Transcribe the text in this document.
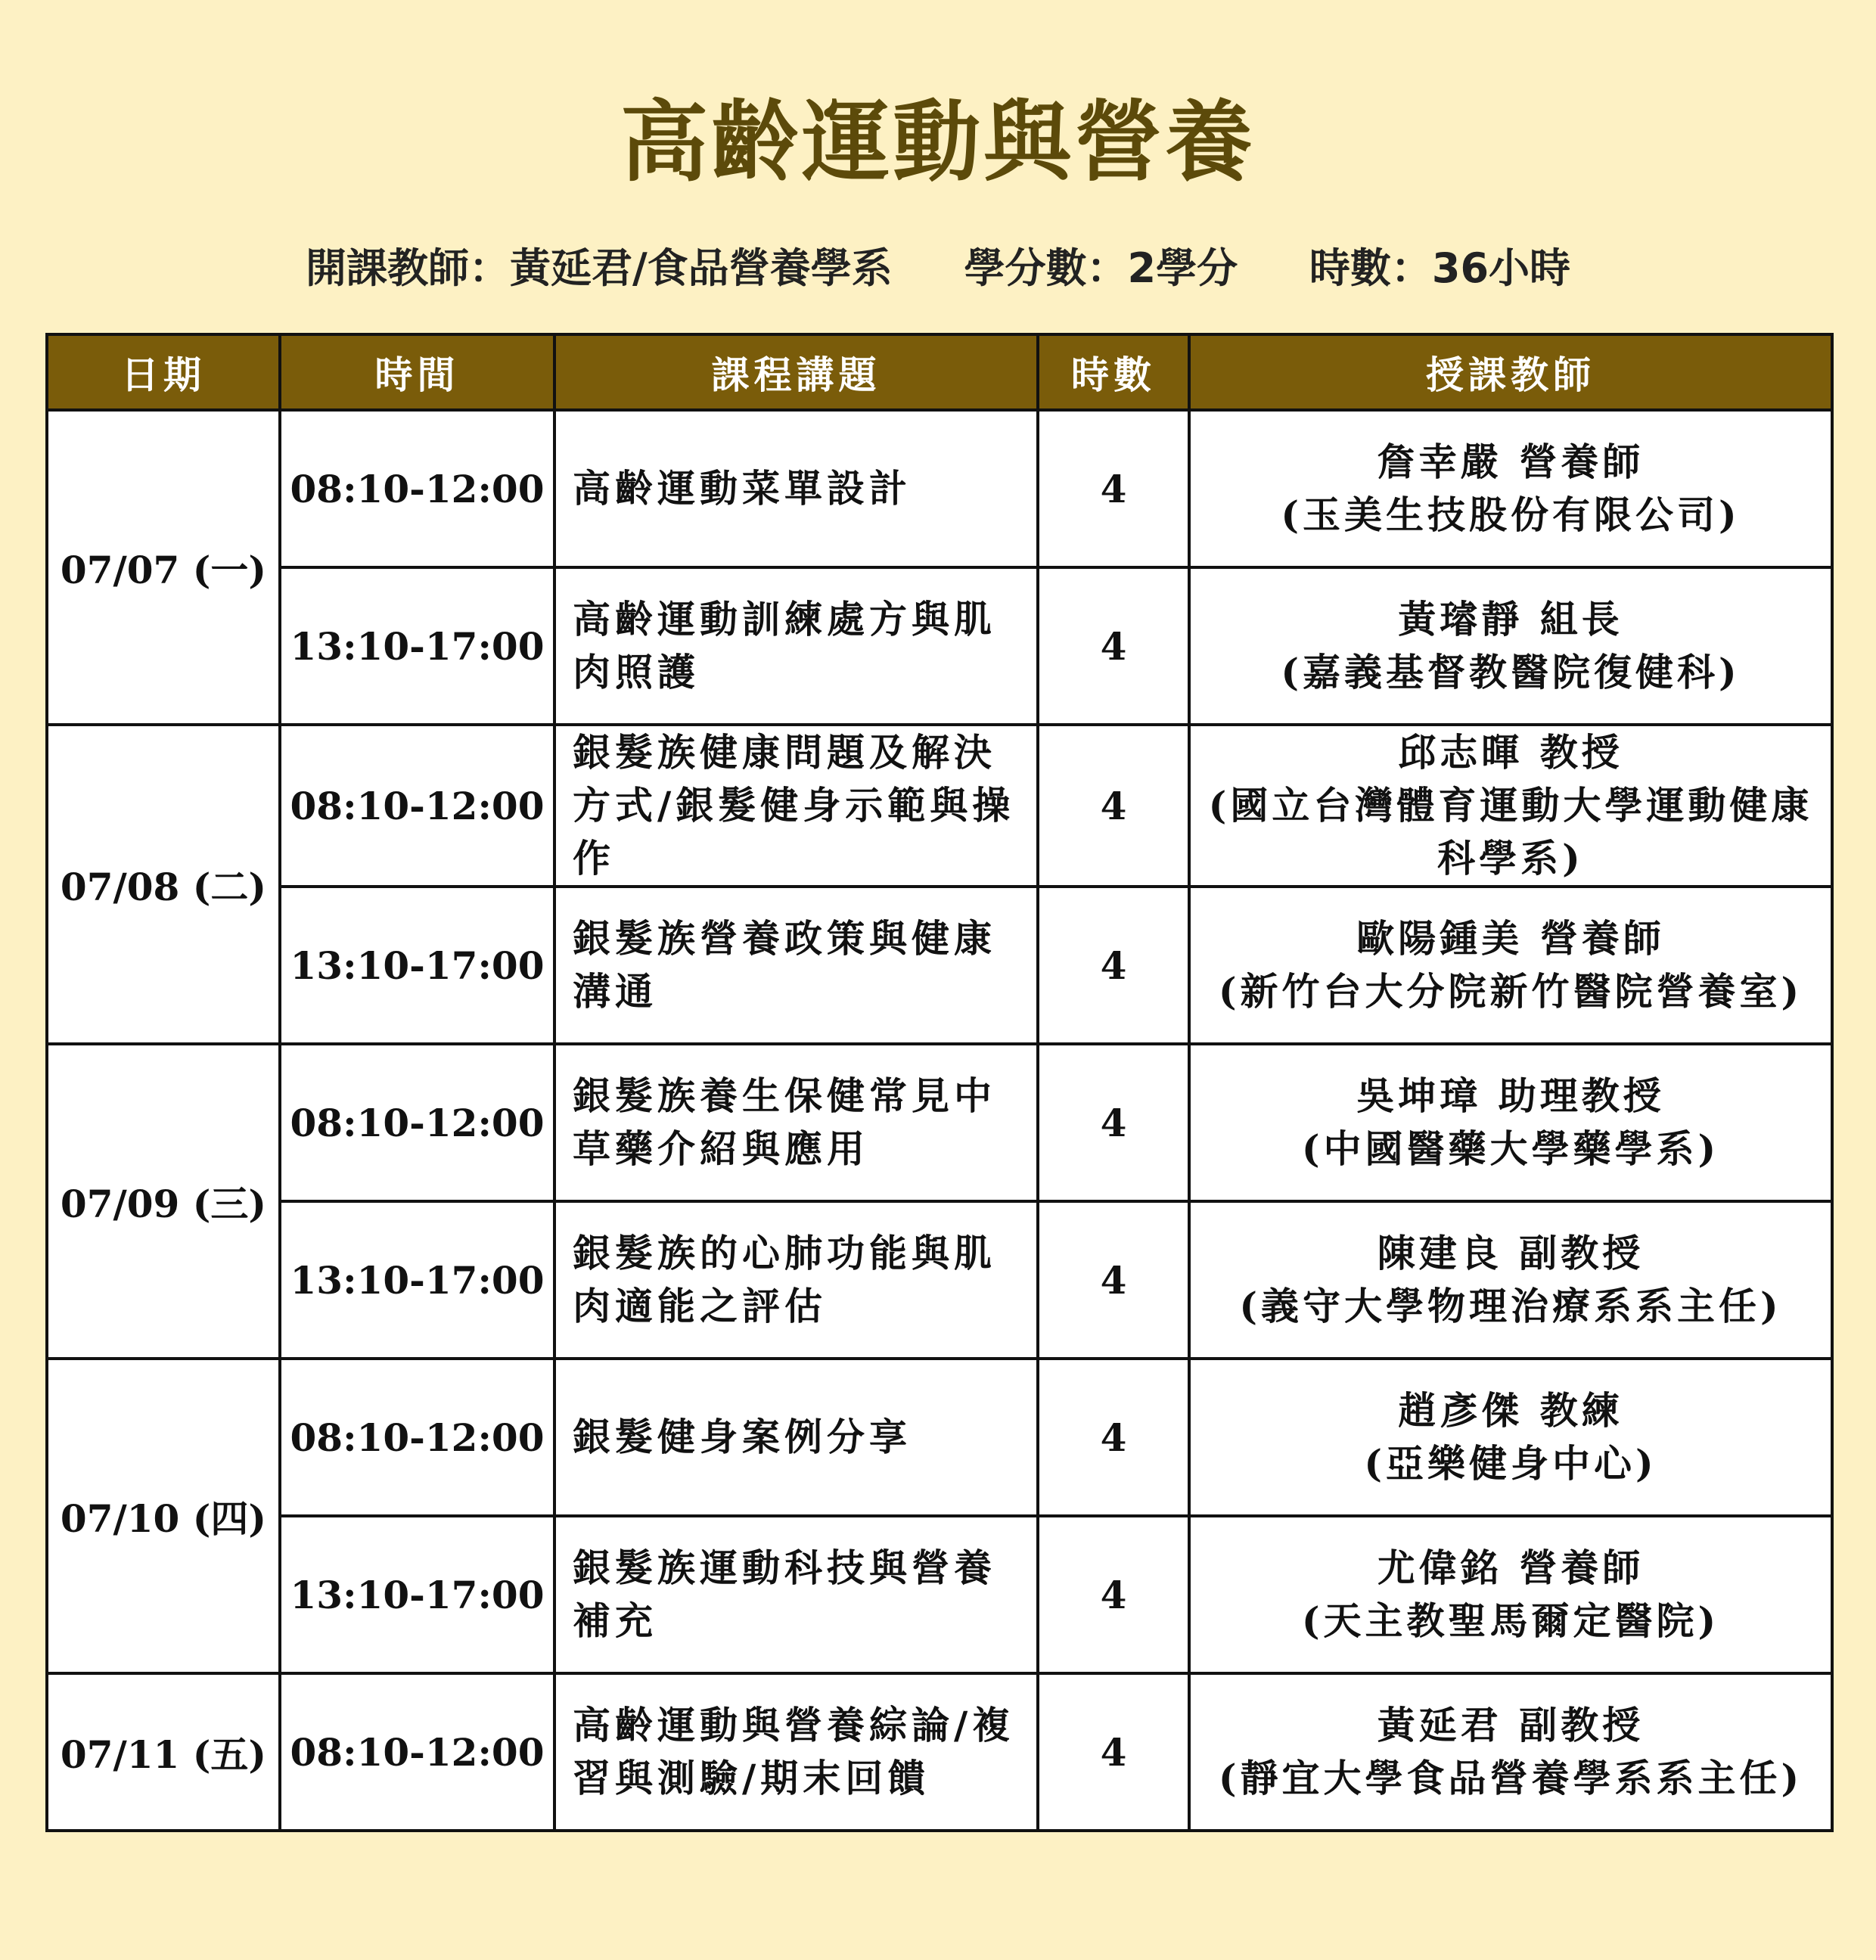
高齡運動與營養
開課教師：黃延君/食品營養學系 學分數：2學分 時數：36小時
日期	時間	課程講題	時數	授課教師
07/07 (一)	08:10-12:00	高齡運動菜單設計	4	詹幸嚴 營養師
(玉美生技股份有限公司)

	13:10-17:00	高齡運動訓練處方與肌肉照護	4	黃璿靜 組長
(嘉義基督教醫院復健科)

07/08 (二)	08:10-12:00	銀髮族健康問題及解決方式/銀髮健身示範與操作	4	邱志暉 教授
(國立台灣體育運動大學運動健康科學系)

	13:10-17:00	銀髮族營養政策與健康溝通	4	歐陽鍾美 營養師
(新竹台大分院新竹醫院營養室)

07/09 (三)	08:10-12:00	銀髮族養生保健常見中草藥介紹與應用	4	吳坤璋 助理教授
(中國醫藥大學藥學系)

	13:10-17:00	銀髮族的心肺功能與肌肉適能之評估	4	陳建良 副教授
(義守大學物理治療系系主任)

07/10 (四)	08:10-12:00	銀髮健身案例分享	4	趙彥傑 教練
(亞樂健身中心)

	13:10-17:00	銀髮族運動科技與營養補充	4	尤偉銘 營養師
(天主教聖馬爾定醫院)

07/11 (五)	08:10-12:00	高齡運動與營養綜論/複習與測驗/期末回饋	4	黃延君 副教授
(靜宜大學食品營養學系系主任)
